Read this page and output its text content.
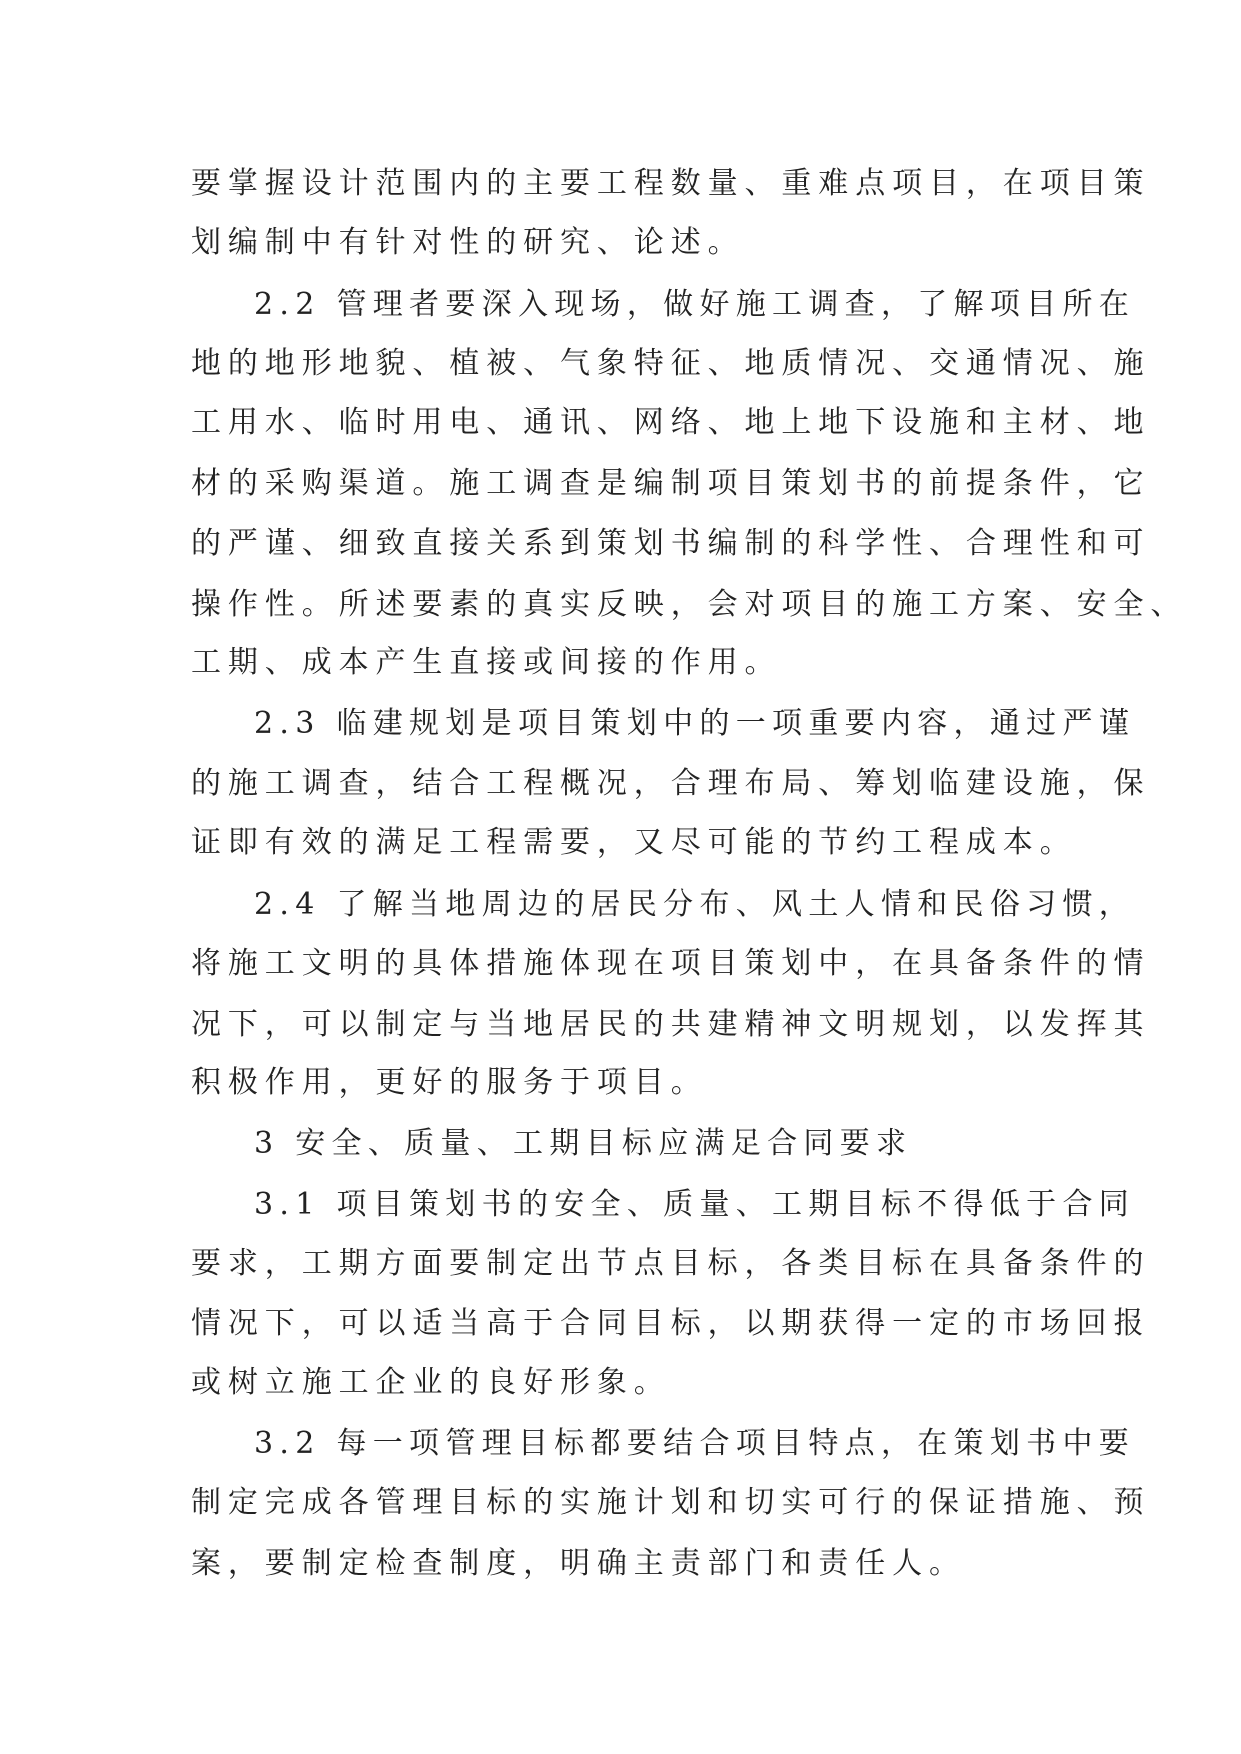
要掌握设计范围内的主要工程数量、重难点项目，在项目策
划编制中有针对性的研究、论述。
2.2 管理者要深入现场，做好施工调查，了解项目所在
地的地形地貌、植被、气象特征、地质情况、交通情况、施
工用水、临时用电、通讯、网络、地上地下设施和主材、地
材的采购渠道。施工调查是编制项目策划书的前提条件，它
的严谨、细致直接关系到策划书编制的科学性、合理性和可
操作性。所述要素的真实反映，会对项目的施工方案、安全、
工期、成本产生直接或间接的作用。
2.3 临建规划是项目策划中的一项重要内容，通过严谨
的施工调查，结合工程概况，合理布局、筹划临建设施，保
证即有效的满足工程需要，又尽可能的节约工程成本。
2.4 了解当地周边的居民分布、风土人情和民俗习惯，
将施工文明的具体措施体现在项目策划中，在具备条件的情
况下，可以制定与当地居民的共建精神文明规划，以发挥其
积极作用，更好的服务于项目。
3 安全、质量、工期目标应满足合同要求
3.1 项目策划书的安全、质量、工期目标不得低于合同
要求，工期方面要制定出节点目标，各类目标在具备条件的
情况下，可以适当高于合同目标，以期获得一定的市场回报
或树立施工企业的良好形象。
3.2 每一项管理目标都要结合项目特点，在策划书中要
制定完成各管理目标的实施计划和切实可行的保证措施、预
案，要制定检查制度，明确主责部门和责任人。
